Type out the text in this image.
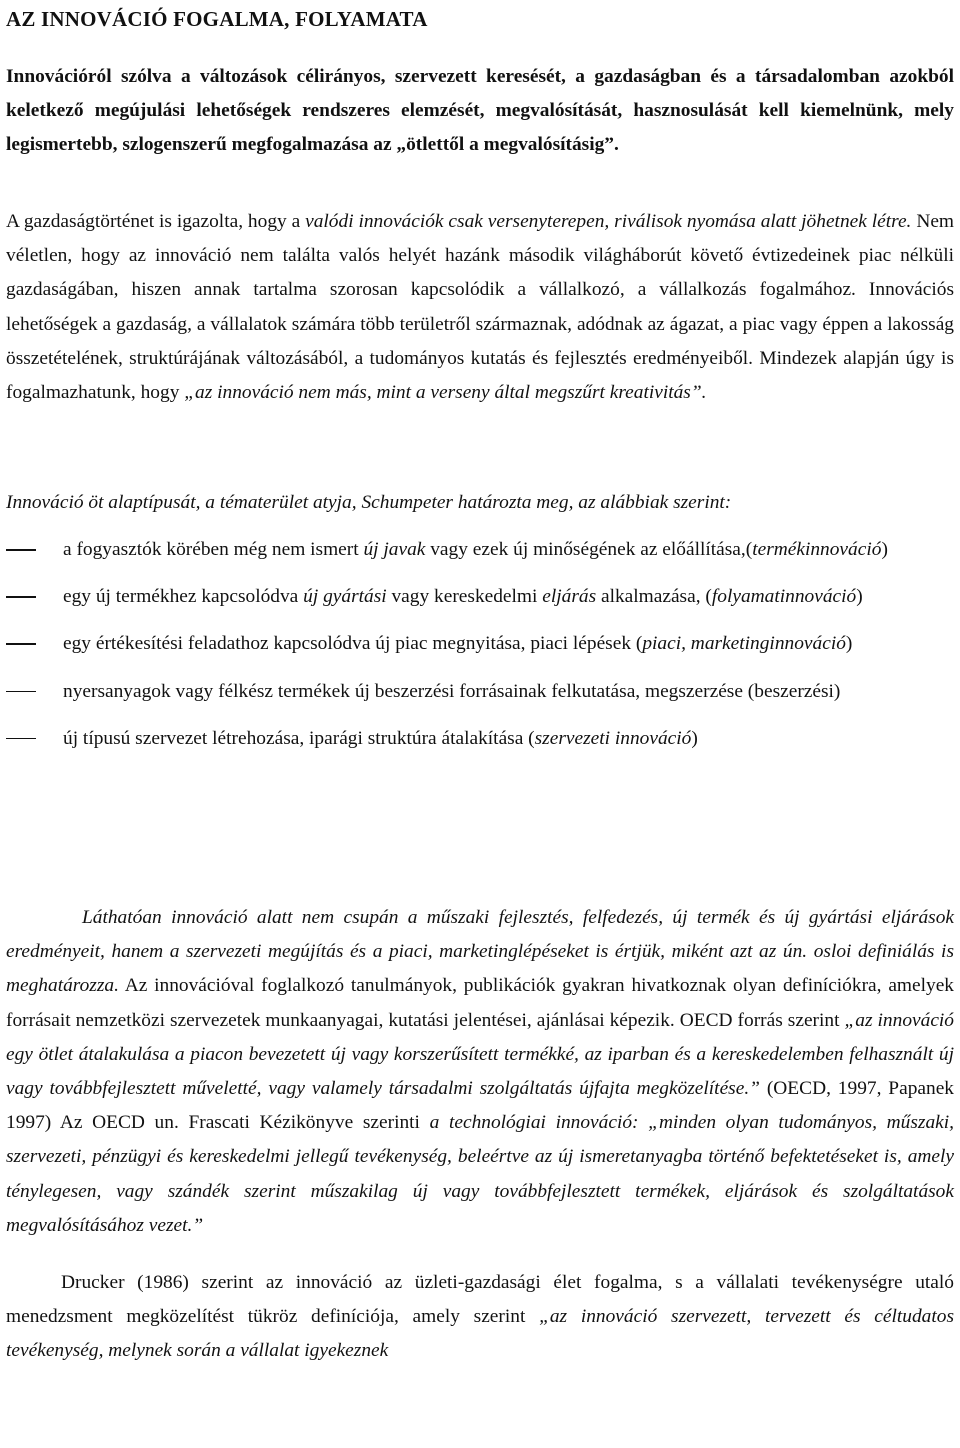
AZ INNOVÁCIÓ FOGALMA, FOLYAMATA

Innovációról szólva a változások célirányos, szervezett keresését, a gazdaságban és a társadalomban azokból keletkező megújulási lehetőségek rendszeres elemzését, megvalósítását, hasznosulását kell kiemelnünk, mely legismertebb, szlogenszerű megfogalmazása az „ötlettől a megvalósításig”.

A gazdaságtörténet is igazolta, hogy a valódi innovációk csak versenyterepen, riválisok nyomása alatt jöhetnek létre. Nem véletlen, hogy az innováció nem találta valós helyét hazánk második világháborút követő évtizedeinek piac nélküli gazdaságában, hiszen annak tartalma szorosan kapcsolódik a vállalkozó, a vállalkozás fogalmához. Innovációs lehetőségek a gazdaság, a vállalatok számára több területről származnak, adódnak az ágazat, a piac vagy éppen a lakosság összetételének, struktúrájának változásából, a tudományos kutatás és fejlesztés eredményeiből. Mindezek alapján úgy is fogalmazhatunk, hogy „az innováció nem más, mint a verseny által megszűrt kreativitás”.

Innováció öt alaptípusát, a tématerület atyja, Schumpeter határozta meg, az alábbiak szerint:

a fogyasztók körében még nem ismert új javak vagy ezek új minőségének az előállítása,(termékinnováció)
egy új termékhez kapcsolódva új gyártási vagy kereskedelmi eljárás alkalmazása, (folyamatinnováció)
egy értékesítési feladathoz kapcsolódva új piac megnyitása, piaci lépések (piaci, marketinginnováció)
nyersanyagok vagy félkész termékek új beszerzési forrásainak felkutatása, megszerzése (beszerzési)
új típusú szervezet létrehozása, iparági struktúra átalakítása (szervezeti innováció)

Láthatóan innováció alatt nem csupán a műszaki fejlesztés, felfedezés, új termék és új gyártási eljárások eredményeit, hanem a szervezeti megújítás és a piaci, marketinglépéseket is értjük, miként azt az ún. osloi definiálás is meghatározza. Az innovációval foglalkozó tanulmányok, publikációk gyakran hivatkoznak olyan definíciókra, amelyek forrásait nemzetközi szervezetek munkaanyagai, kutatási jelentései, ajánlásai képezik. OECD forrás szerint „az innováció egy ötlet átalakulása a piacon bevezetett új vagy korszerűsített termékké, az iparban és a kereskedelemben felhasznált új vagy továbbfejlesztett műveletté, vagy valamely társadalmi szolgáltatás újfajta megközelítése.” (OECD, 1997, Papanek 1997) Az OECD un. Frascati Kézikönyve szerinti a technológiai innováció: „minden olyan tudományos, műszaki, szervezeti, pénzügyi és kereskedelmi jellegű tevékenység, beleértve az új ismeretanyagba történő befektetéseket is, amely ténylegesen, vagy szándék szerint műszakilag új vagy továbbfejlesztett termékek, eljárások és szolgáltatások megvalósításához vezet.”

Drucker (1986) szerint az innováció az üzleti-gazdasági élet fogalma, s a vállalati tevékenységre utaló menedzsment megközelítést tükröz definíciója, amely szerint „az innováció szervezett, tervezett és céltudatos tevékenység, melynek során a vállalat igyekeznek
